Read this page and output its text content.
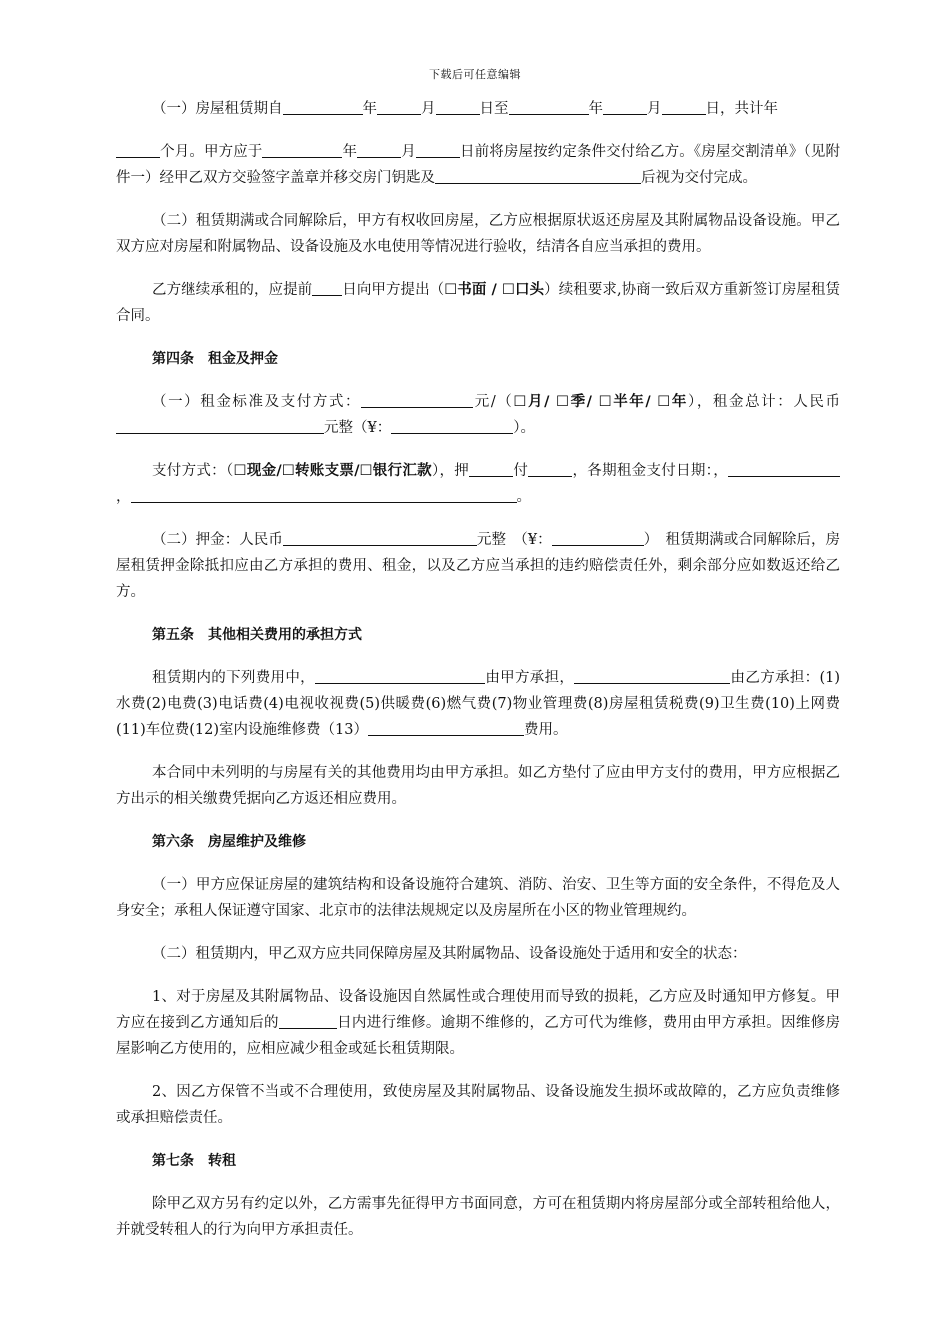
下载后可任意编辑

（一）房屋租赁期自	年	月	日至	年	月	日，共计年

个月。甲方应于	年	月	日前将房屋按约定条件交付给乙方。《房屋交割清单》（见附件一）经甲乙双方交验签字盖章并移交房门钥匙及	后视为交付完成。

（二）租赁期满或合同解除后，甲方有权收回房屋，乙方应根据原状返还房屋及其附属物品设备设施。甲乙双方应对房屋和附属物品、设备设施及水电使用等情况进行验收，结清各自应当承担的费用。

乙方继续承租的，应提前 日向甲方提出（☐书面 / ☐口头）续租要求,协商一致后双方重新签订房屋租赁合同。

第四条　租金及押金

（一）租金标准及支付方式：	元/（☐月/ ☐季/ ☐半年/ ☐年），租金总计：人民币元整（¥：	）。

支付方式：（☐现金/☐转账支票/☐银行汇款），押	付	，各期租金支付日期：，，	。

（二）押金：人民币	元整　（¥：	）　租赁期满或合同解除后，房屋租赁押金除抵扣应由乙方承担的费用、租金，以及乙方应当承担的违约赔偿责任外，剩余部分应如数返还给乙方。

第五条　其他相关费用的承担方式

租赁期内的下列费用中，	由甲方承担，	由乙方承担：(1)水费(2)电费(3)电话费(4)电视收视费(5)供暖费(6)燃气费(7)物业管理费(8)房屋租赁税费(9)卫生费(10)上网费(11)车位费(12)室内设施维修费（13）	费用。

本合同中未列明的与房屋有关的其他费用均由甲方承担。如乙方垫付了应由甲方支付的费用，甲方应根据乙方出示的相关缴费凭据向乙方返还相应费用。

第六条　房屋维护及维修

（一）甲方应保证房屋的建筑结构和设备设施符合建筑、消防、治安、卫生等方面的安全条件，不得危及人身安全；承租人保证遵守国家、北京市的法律法规规定以及房屋所在小区的物业管理规约。

（二）租赁期内，甲乙双方应共同保障房屋及其附属物品、设备设施处于适用和安全的状态：

1、对于房屋及其附属物品、设备设施因自然属性或合理使用而导致的损耗，乙方应及时通知甲方修复。甲方应在接到乙方通知后的	日内进行维修。逾期不维修的，乙方可代为维修，费用由甲方承担。因维修房屋影响乙方使用的，应相应减少租金或延长租赁期限。

2、因乙方保管不当或不合理使用，致使房屋及其附属物品、设备设施发生损坏或故障的，乙方应负责维修或承担赔偿责任。

第七条　转租

除甲乙双方另有约定以外，乙方需事先征得甲方书面同意，方可在租赁期内将房屋部分或全部转租给他人，并就受转租人的行为向甲方承担责任。
